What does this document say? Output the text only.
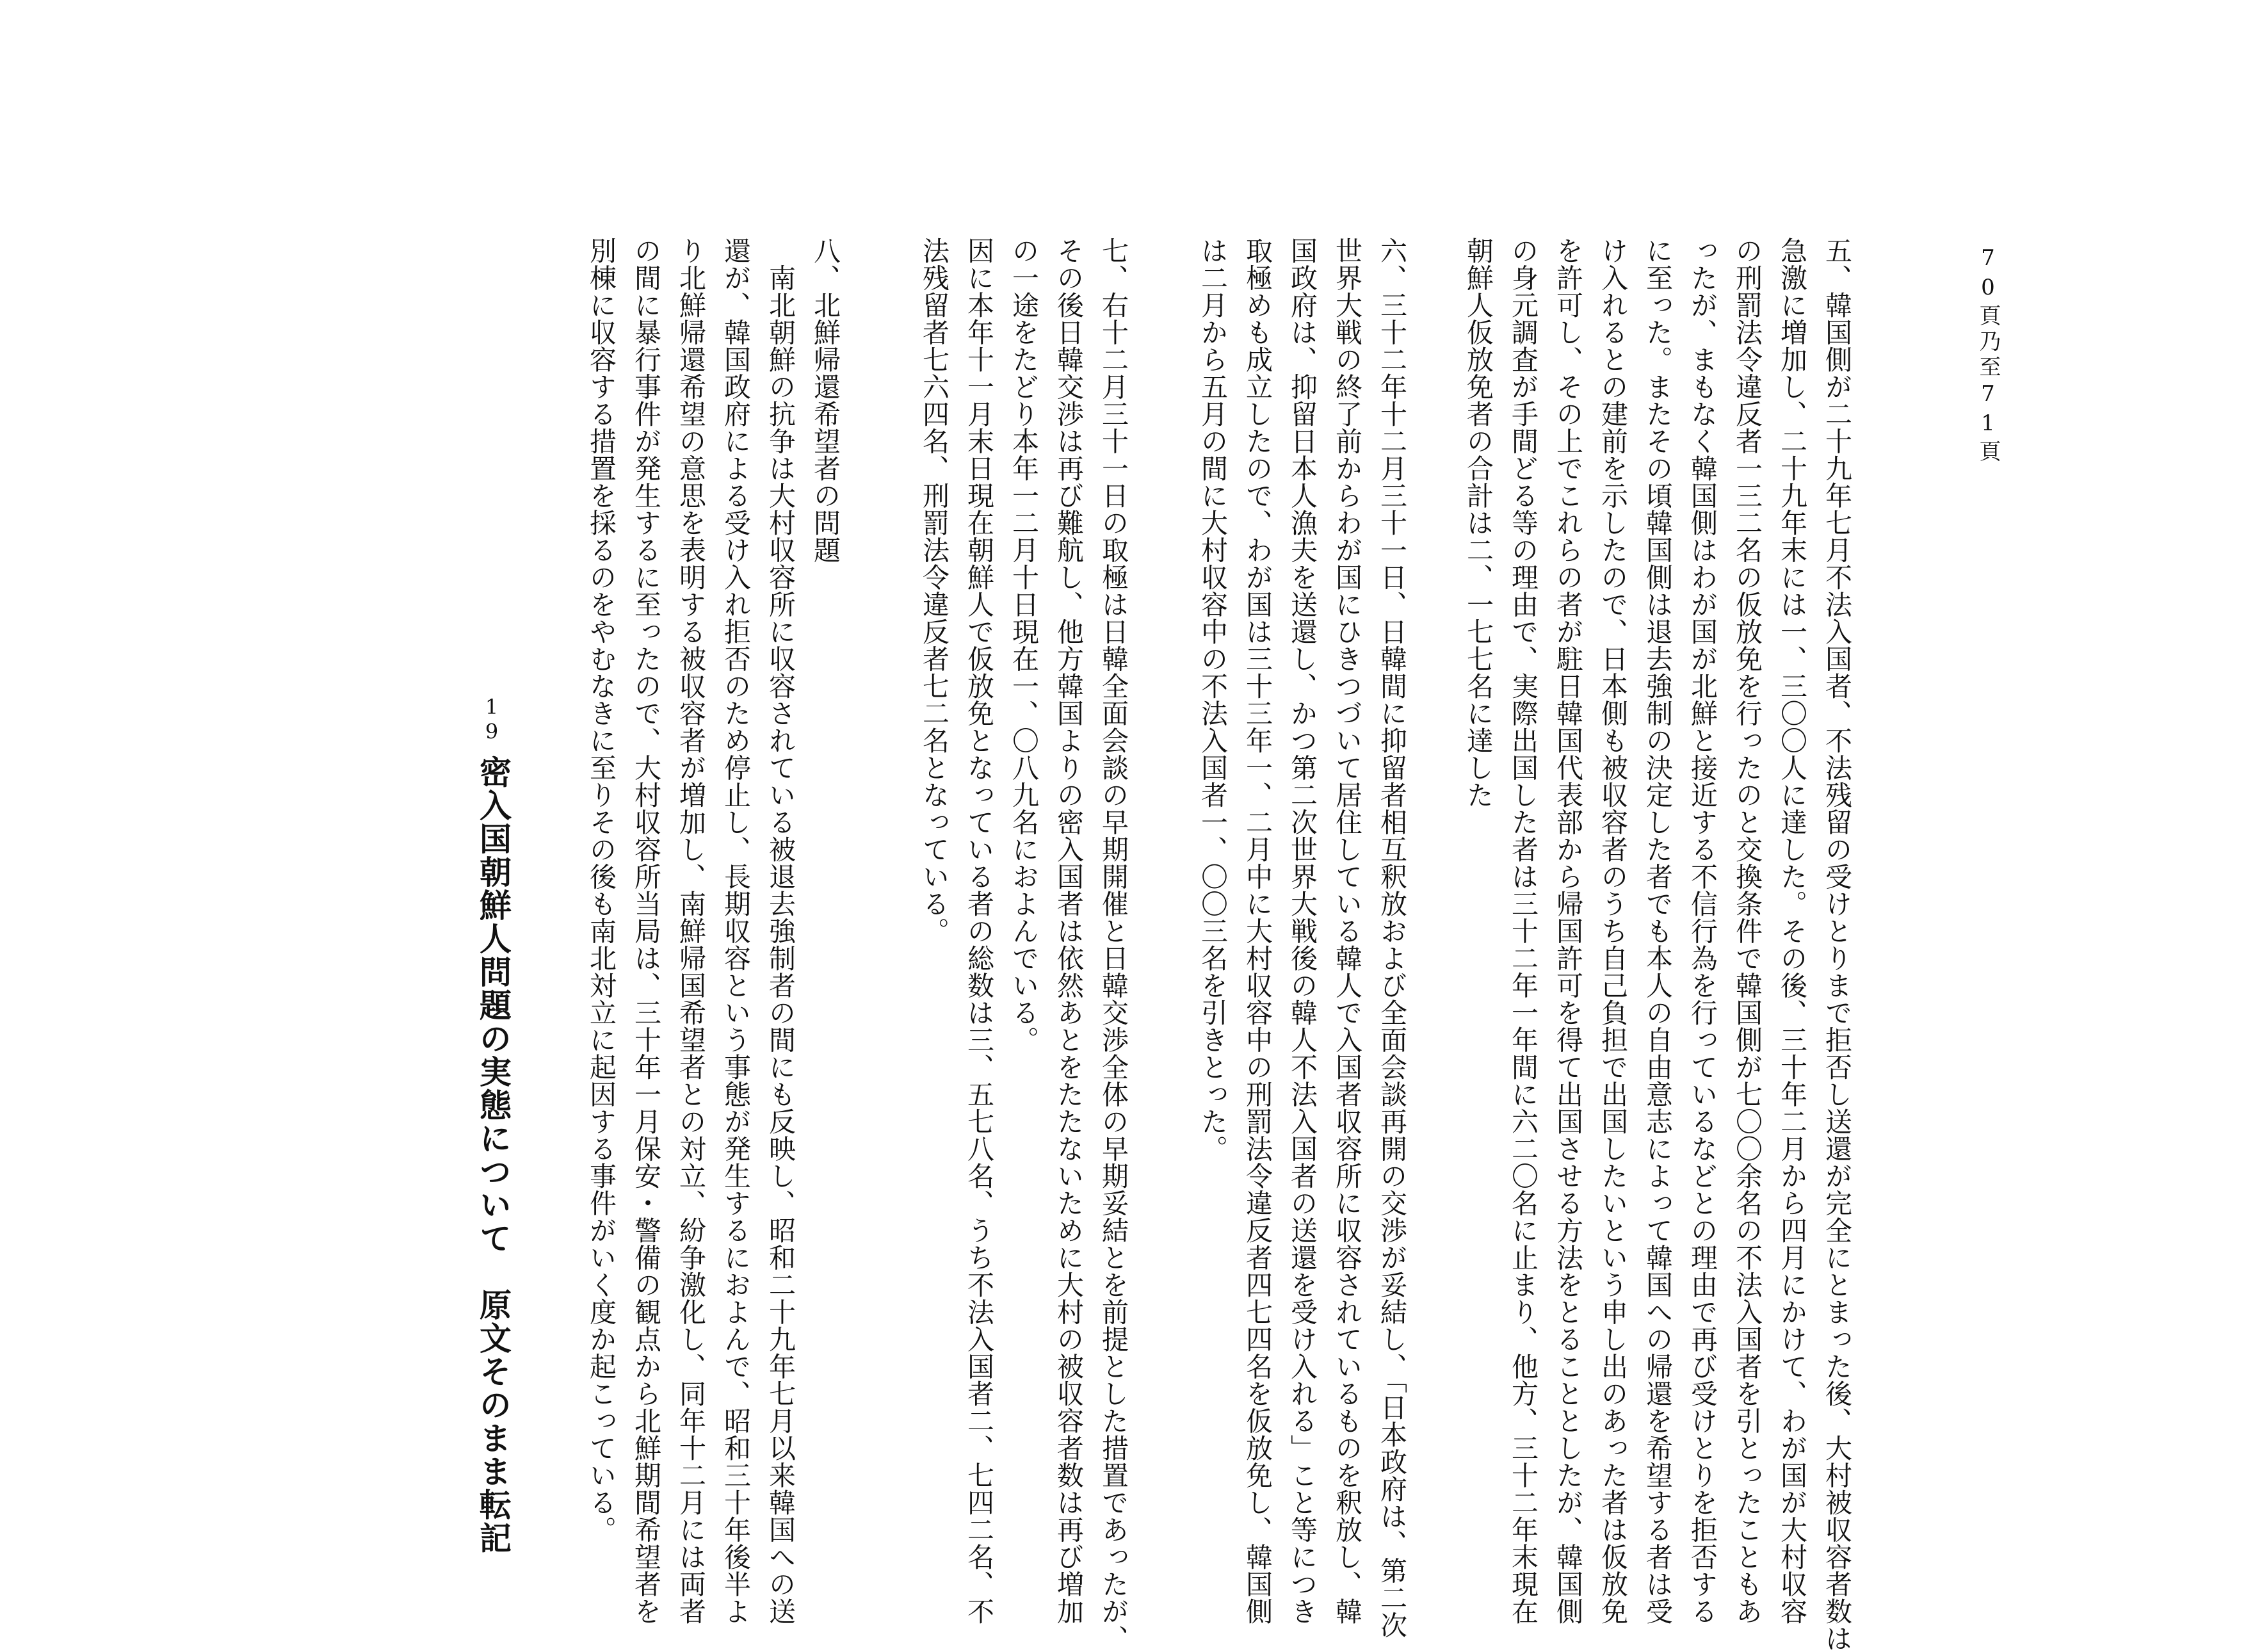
70頁乃至71頁
五、韓国側が二十九年七月不法入国者、不法残留の受けとりまで拒否し送還が完全にとまった後、大村被収容者数は
急激に増加し、二十九年末には一、三〇〇人に達した。その後、三十年二月から四月にかけて、わが国が大村収容
の刑罰法令違反者一三二名の仮放免を行ったのと交換条件で韓国側が七〇〇余名の不法入国者を引とったこともあ
ったが、まもなく韓国側はわが国が北鮮と接近する不信行為を行っているなどとの理由で再び受けとりを拒否する
に至った。またその頃韓国側は退去強制の決定した者でも本人の自由意志によって韓国への帰還を希望する者は受
け入れるとの建前を示したので、日本側も被収容者のうち自己負担で出国したいという申し出のあった者は仮放免
を許可し、その上でこれらの者が駐日韓国代表部から帰国許可を得て出国させる方法をとることとしたが、韓国側
の身元調査が手間どる等の理由で、実際出国した者は三十二年一年間に六二〇名に止まり、他方、三十二年末現在
朝鮮人仮放免者の合計は二、一七七名に達した
六、三十二年十二月三十一日、日韓間に抑留者相互釈放および全面会談再開の交渉が妥結し、「日本政府は、第二次
世界大戦の終了前からわが国にひきつづいて居住している韓人で入国者収容所に収容されているものを釈放し、韓
国政府は、抑留日本人漁夫を送還し、かつ第二次世界大戦後の韓人不法入国者の送還を受け入れる」こと等につき
取極めも成立したので、わが国は三十三年一、二月中に大村収容中の刑罰法令違反者四七四名を仮放免し、韓国側
は二月から五月の間に大村収容中の不法入国者一、〇〇三名を引きとった。
七、右十二月三十一日の取極は日韓全面会談の早期開催と日韓交渉全体の早期妥結とを前提とした措置であったが、
その後日韓交渉は再び難航し、他方韓国よりの密入国者は依然あとをたたないために大村の被収容者数は再び増加
の一途をたどり本年一二月十日現在一、〇八九名におよんでいる。
因に本年十一月末日現在朝鮮人で仮放免となっている者の総数は三、五七八名、うち不法入国者二、七四二名、不
法残留者七六四名、刑罰法令違反者七二名となっている。
八、北鮮帰還希望者の問題
　南北朝鮮の抗争は大村収容所に収容されている被退去強制者の間にも反映し、昭和二十九年七月以来韓国への送
還が、韓国政府による受け入れ拒否のため停止し、長期収容という事態が発生するにおよんで、昭和三十年後半よ
り北鮮帰還希望の意思を表明する被収容者が増加し、南鮮帰国希望者との対立、紛争激化し、同年十二月には両者
の間に暴行事件が発生するに至ったので、大村収容所当局は、三十年一月保安・警備の観点から北鮮期間希望者を
別棟に収容する措置を採るのをやむなきに至りその後も南北対立に起因する事件がいく度か起こっている。
19
密入国朝鮮人問題の実態について　原文そのまま転記
